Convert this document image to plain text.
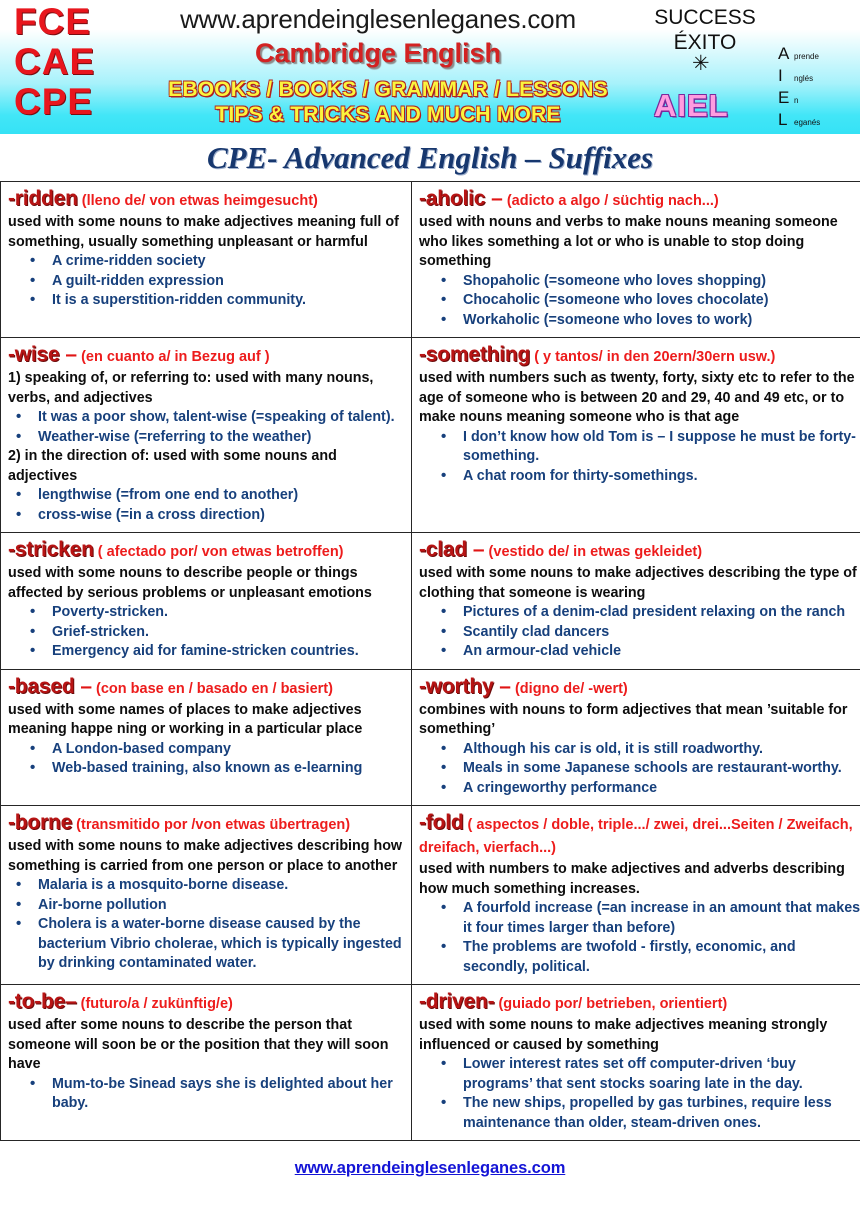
FCE
CAE
CPE
www.aprendeinglesenleganes.com
Cambridge English
EBOOKS / BOOKS / GRAMMAR / LESSONS
TIPS & TRICKS AND MUCH MORE
SUCCESS
ÉXITO
✳
AIEL
A prende
I	nglés
E n
L eganés
CPE- Advanced English – Suffixes

-ridden (lleno de/ von etwas heimgesucht)

used with some nouns to make adjectives meaning full of something, usually something unpleasant or harmful

• A crime-ridden society
• A guilt-ridden expression
• It is a superstition-ridden community.

-aholic – (adicto a algo / süchtig nach...)

used with nouns and verbs to make nouns meaning someone who likes something a lot or who is unable to stop doing something

• Shopaholic (=someone who loves shopping)
• Chocaholic (=someone who loves chocolate)
• Workaholic (=someone who loves to work)

-wise – (en cuanto a/ in Bezug auf )

1) speaking of, or referring to: used with many nouns, verbs, and adjectives

• It was a poor show, talent-wise (=speaking of talent).
• Weather-wise (=referring to the weather)

2) in the direction of: used with some nouns and adjectives

• lengthwise (=from one end to another)
• cross-wise (=in a cross direction)

-something ( y tantos/ in den 20ern/30ern usw.)

used with numbers such as twenty, forty, sixty etc to refer to the age of someone who is between 20 and 29, 40 and 49 etc, or to make nouns meaning someone who is that age

• I don’t know how old Tom is – I suppose he must be forty-something.
• A chat room for thirty-somethings.

-stricken ( afectado por/ von etwas betroffen)

used with some nouns to describe people or things affected by serious problems or unpleasant emotions

• Poverty-stricken.
• Grief-stricken.
• Emergency aid for famine-stricken countries.

-clad – (vestido de/ in etwas gekleidet)

used with some nouns to make adjectives describing the type of clothing that someone is wearing

• Pictures of a denim-clad president relaxing on the ranch
• Scantily clad dancers
• An armour-clad vehicle

-based – (con base en / basado en / basiert)

used with some names of places to make adjectives meaning happe ning or working in a particular place

• A London-based company
• Web-based training, also known as e-learning

-worthy – (digno de/ -wert)

combines with nouns to form adjectives that mean ’suitable for something’

• Although his car is old, it is still roadworthy.
• Meals in some Japanese schools are restaurant-worthy.
• A cringeworthy performance

-borne (transmitido por /von etwas übertragen)

used with some nouns to make adjectives describing how something is carried from one person or place to another

• Malaria is a mosquito-borne disease.
• Air-borne pollution
• Cholera is a water-borne disease caused by the bacterium Vibrio cholerae, which is typically ingested by drinking contaminated water.

-fold ( aspectos / doble, triple.../ zwei, drei...Seiten / Zweifach, dreifach, vierfach...)

used with numbers to make adjectives and adverbs describing how much something increases.

• A fourfold increase (=an increase in an amount that makes it four times larger than before)
• The problems are twofold - firstly, economic, and secondly, political.

-to-be– (futuro/a / zukünftig/e)

used after some nouns to describe the person that someone will soon be or the position that they will soon have

• Mum-to-be Sinead says she is delighted about her baby.

-driven- (guiado por/ betrieben, orientiert)

used with some nouns to make adjectives meaning strongly influenced or caused by something

• Lower interest rates set off computer-driven ‘buy programs’ that sent stocks soaring late in the day.
• The new ships, propelled by gas turbines, require less maintenance than older, steam-driven ones.
www.aprendeinglesenleganes.com
